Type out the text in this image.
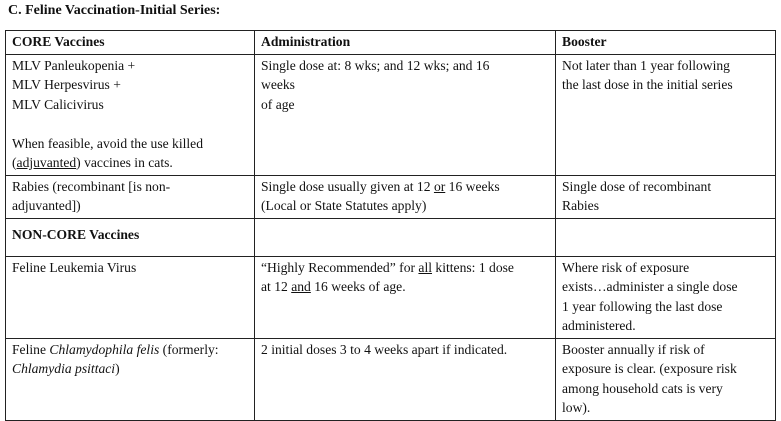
C. Feline Vaccination-Initial Series:
CORE Vaccines	Administration	Booster

MLV Panleukopenia +
MLV Herpesvirus +
MLV Calicivirus
When feasible, avoid the use killed
(adjuvanted) vaccines in cats.	Single dose at: 8 wks; and 12 wks; and 16
weeks
of age	Not later than 1 year following
the last dose in the initial series

Rabies (recombinant [is non-
adjuvanted])	Single dose usually given at 12 or 16 weeks
(Local or State Statutes apply)	Single dose of recombinant
Rabies

NON-CORE Vaccines		
Feline Leukemia Virus	“Highly Recommended” for all kittens: 1 dose
at 12 and 16 weeks of age.	Where risk of exposure
exists…administer a single dose
1 year following the last dose
administered.

Feline Chlamydophila felis (formerly:
Chlamydia psittaci)	2 initial doses 3 to 4 weeks apart if indicated.	Booster annually if risk of
exposure is clear. (exposure risk
among household cats is very
low).
